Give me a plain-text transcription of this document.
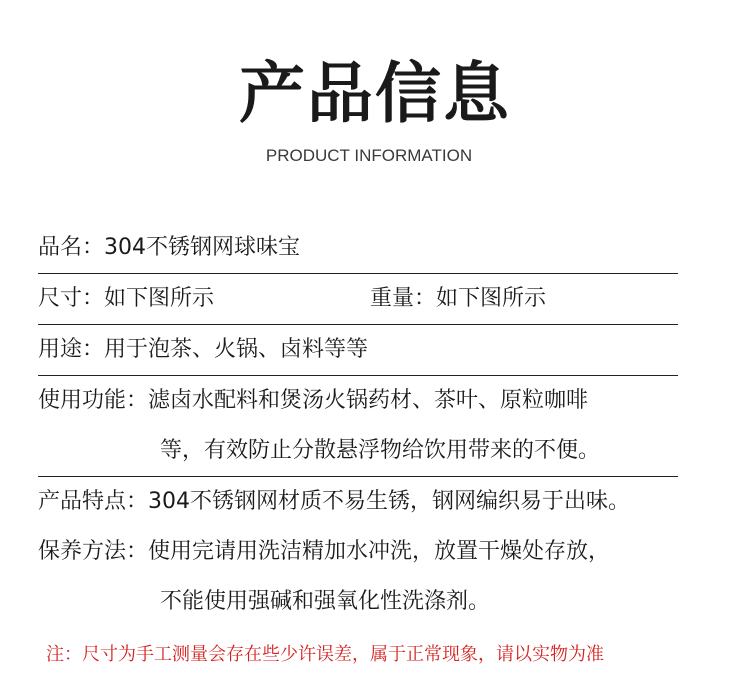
产品信息
PRODUCT INFORMATION
品名：304不锈钢网球味宝
尺寸：如下图所示	重量：如下图所示
用途：用于泡茶、火锅、卤料等等
使用功能：滤卤水配料和煲汤火锅药材、茶叶、原粒咖啡
等，有效防止分散悬浮物给饮用带来的不便。
产品特点：304不锈钢网材质不易生锈，钢网编织易于出味。
保养方法：使用完请用洗洁精加水冲洗，放置干燥处存放，
不能使用强碱和强氧化性洗涤剂。
注：尺寸为手工测量会存在些少许误差，属于正常现象，请以实物为准
